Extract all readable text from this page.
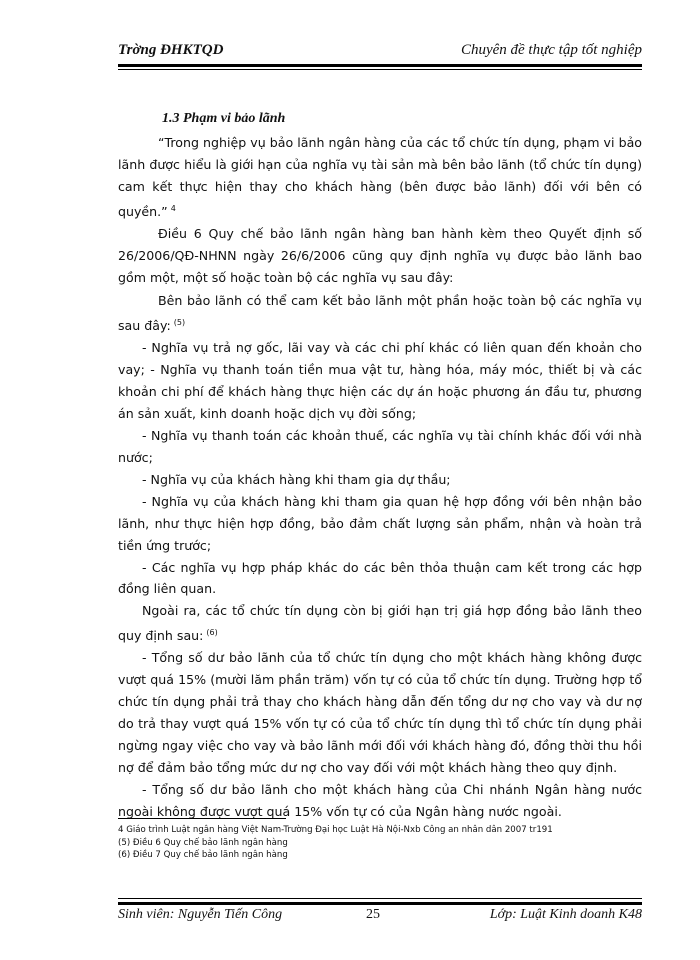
Trờng ĐHKTQD	Chuyên đề thực tập tốt nghiệp

1.3 Phạm vi bảo lãnh

“Trong nghiệp vụ bảo lãnh ngân hàng của các tổ chức tín dụng, phạm vi bảo lãnh được hiểu là giới hạn của nghĩa vụ tài sản mà bên bảo lãnh (tổ chức tín dụng) cam kết thực hiện thay cho khách hàng (bên được bảo lãnh) đối với bên có quyền.” $^4$

Điều 6 Quy chế bảo lãnh ngân hàng ban hành kèm theo Quyết định số 26/2006/QĐ-NHNN ngày 26/6/2006 cũng quy định nghĩa vụ được bảo lãnh bao gồm một, một số hoặc toàn bộ các nghĩa vụ sau đây:

Bên bảo lãnh có thể cam kết bảo lãnh một phần hoặc toàn bộ các nghĩa vụ sau đây: $^{(5)}$

- Nghĩa vụ trả nợ gốc, lãi vay và các chi phí khác có liên quan đến khoản cho vay; - Nghĩa vụ thanh toán tiền mua vật tư, hàng hóa, máy móc, thiết bị và các khoản chi phí để khách hàng thực hiện các dự án hoặc phương án đầu tư, phương án sản xuất, kinh doanh hoặc dịch vụ đời sống;

- Nghĩa vụ thanh toán các khoản thuế, các nghĩa vụ tài chính khác đối với nhà nước;

- Nghĩa vụ của khách hàng khi tham gia dự thầu;

- Nghĩa vụ của khách hàng khi tham gia quan hệ hợp đồng với bên nhận bảo lãnh, như thực hiện hợp đồng, bảo đảm chất lượng sản phẩm, nhận và hoàn trả tiền ứng trước;

- Các nghĩa vụ hợp pháp khác do các bên thỏa thuận cam kết trong các hợp đồng liên quan.

Ngoài ra, các tổ chức tín dụng còn bị giới hạn trị giá hợp đồng bảo lãnh theo quy định sau: $^{(6)}$

- Tổng số dư bảo lãnh của tổ chức tín dụng cho một khách hàng không được vượt quá 15% (mười lăm phần trăm) vốn tự có của tổ chức tín dụng. Trường hợp tổ chức tín dụng phải trả thay cho khách hàng dẫn đến tổng dư nợ cho vay và dư nợ do trả thay vượt quá 15% vốn tự có của tổ chức tín dụng thì tổ chức tín dụng phải ngừng ngay việc cho vay và bảo lãnh mới đối với khách hàng đó, đồng thời thu hồi nợ để đảm bảo tổng mức dư nợ cho vay đối với một khách hàng theo quy định.

- Tổng số dư bảo lãnh cho một khách hàng của Chi nhánh Ngân hàng nước ngoài không được vượt quá 15% vốn tự có của Ngân hàng nước ngoài.

4 Giáo trình Luật ngân hàng Việt Nam-Trường Đại học Luật Hà Nội-Nxb Công an nhân dân 2007 tr191
(5) Điều 6 Quy chế bảo lãnh ngân hàng
(6) Điều 7 Quy chế bảo lãnh ngân hàng
Sinh viên: Nguyễn Tiến Công	25	Lớp: Luật Kinh doanh K48
